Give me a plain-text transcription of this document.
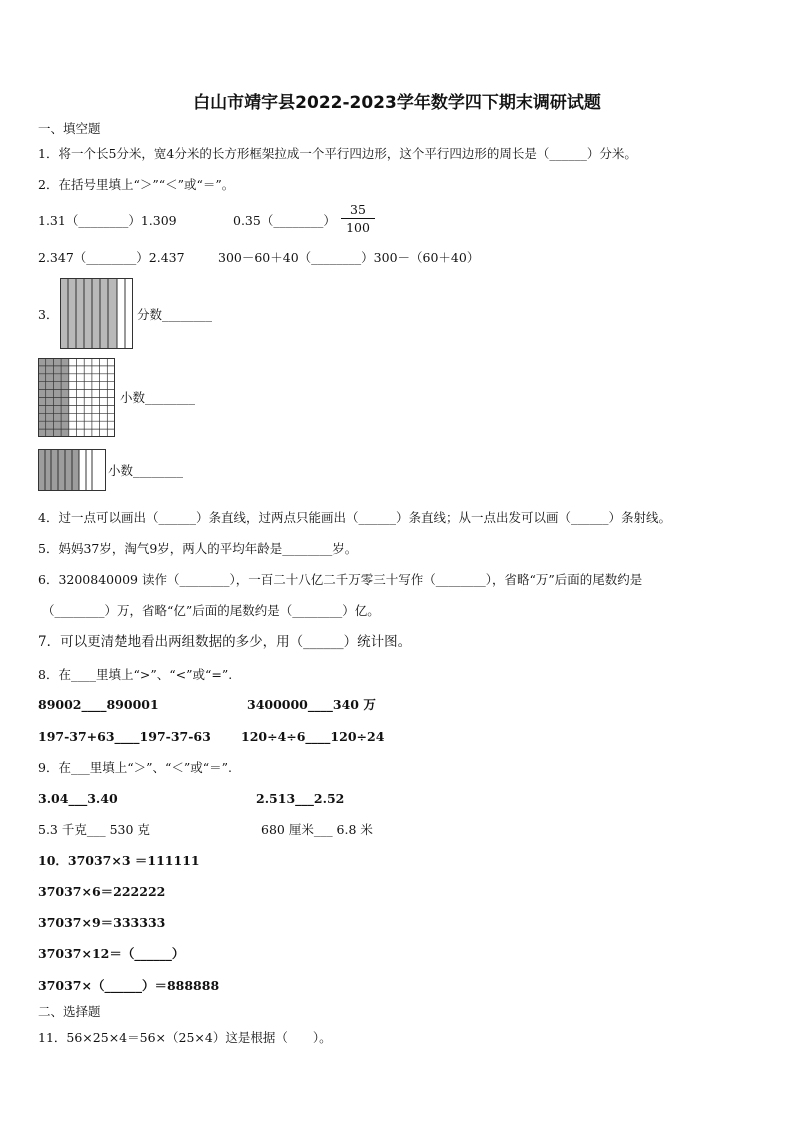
白山市靖宇县2022-2023学年数学四下期末调研试题
一、填空题
1．将一个长5分米，宽4分米的长方形框架拉成一个平行四边形，这个平行四边形的周长是（______）分米。
2．在括号里填上“＞”“＜”或“＝”。
1.31（________）1.309	0.35（________） $\frac{35}{100}$
2.347（________）2.437	300－60＋40（________）300－（60＋40）
3．	分数________
小数________
小数________
4．过一点可以画出（______）条直线，过两点只能画出（______）条直线；从一点出发可以画（______）条射线。
5．妈妈37岁，淘气9岁，两人的平均年龄是________岁。
6．3200840009 读作（________），一百二十八亿二千万零三十写作（________），省略“万”后面的尾数约是
（________）万，省略“亿”后面的尾数约是（________）亿。
7．可以更清楚地看出两组数据的多少，用（______）统计图。
8．在____里填上“>”、“<”或“=”.
89002____890001	3400000____340 万
197-37+63____197-37-63 120÷4÷6____120÷24
9．在___里填上“＞”、“＜”或“＝”.
3.04___3.40	2.513___2.52
5.3 千克___ 530 克	680 厘米___ 6.8 米
10．37037×3 ＝111111
37037×6＝222222
37037×9＝333333
37037×12＝（______）
37037×（______）＝888888
二、选择题
11．56×25×4＝56×（25×4）这是根据（　　）。
